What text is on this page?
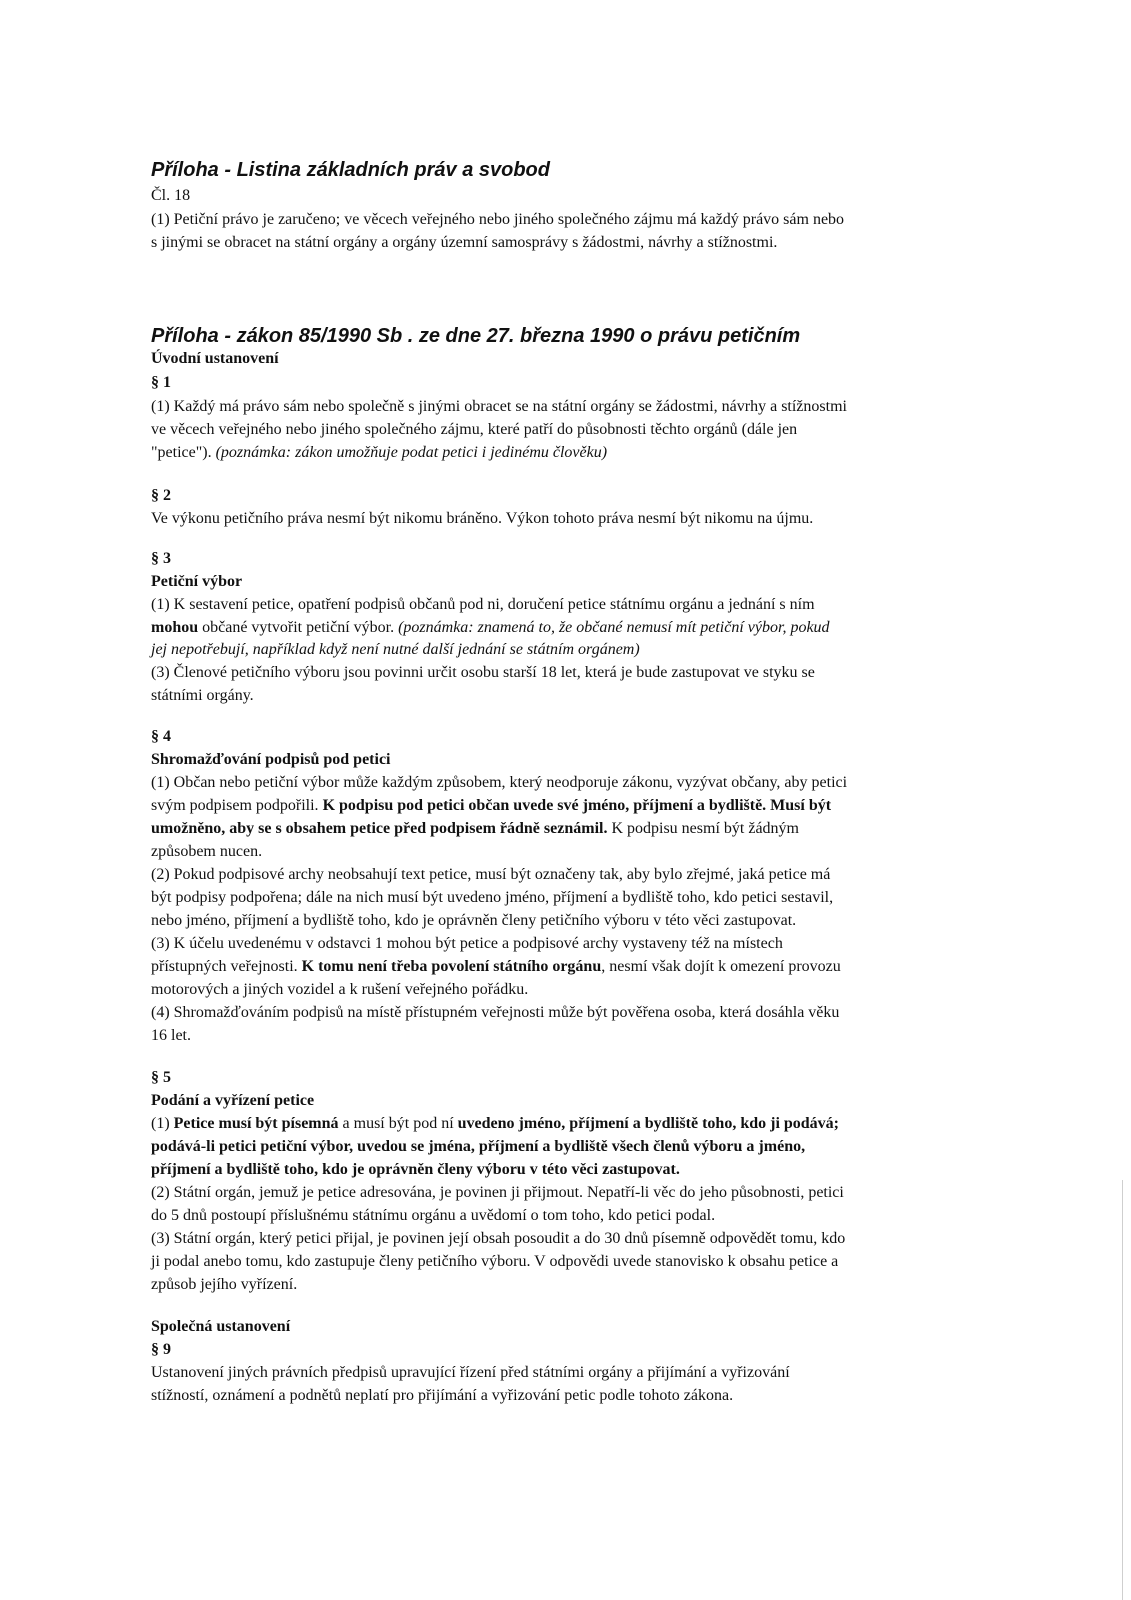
Příloha - Listina základních práv a svobod
Čl. 18
(1) Petiční právo je zaručeno; ve věcech veřejného nebo jiného společného zájmu má každý právo sám nebo
s jinými se obracet na státní orgány a orgány územní samosprávy s žádostmi, návrhy a stížnostmi.
Příloha - zákon 85/1990 Sb . ze dne 27. března 1990 o právu petičním
Úvodní ustanovení
§ 1
(1) Každý má právo sám nebo společně s jinými obracet se na státní orgány se žádostmi, návrhy a stížnostmi
ve věcech veřejného nebo jiného společného zájmu, které patří do působnosti těchto orgánů (dále jen
"petice"). (poznámka: zákon umožňuje podat petici i jedinému člověku)
§ 2
Ve výkonu petičního práva nesmí být nikomu bráněno. Výkon tohoto práva nesmí být nikomu na újmu.
§ 3
Petiční výbor
(1) K sestavení petice, opatření podpisů občanů pod ni, doručení petice státnímu orgánu a jednání s ním
mohou občané vytvořit petiční výbor. (poznámka: znamená to, že občané nemusí mít petiční výbor, pokud
jej nepotřebují, například když není nutné další jednání se státním orgánem)
(3) Členové petičního výboru jsou povinni určit osobu starší 18 let, která je bude zastupovat ve styku se
státními orgány.
§ 4
Shromažďování podpisů pod petici
(1) Občan nebo petiční výbor může každým způsobem, který neodporuje zákonu, vyzývat občany, aby petici
svým podpisem podpořili. K podpisu pod petici občan uvede své jméno, příjmení a bydliště. Musí být
umožněno, aby se s obsahem petice před podpisem řádně seznámil. K podpisu nesmí být žádným
způsobem nucen.
(2) Pokud podpisové archy neobsahují text petice, musí být označeny tak, aby bylo zřejmé, jaká petice má
být podpisy podpořena; dále na nich musí být uvedeno jméno, příjmení a bydliště toho, kdo petici sestavil,
nebo jméno, příjmení a bydliště toho, kdo je oprávněn členy petičního výboru v této věci zastupovat.
(3) K účelu uvedenému v odstavci 1 mohou být petice a podpisové archy vystaveny též na místech
přístupných veřejnosti. K tomu není třeba povolení státního orgánu, nesmí však dojít k omezení provozu
motorových a jiných vozidel a k rušení veřejného pořádku.
(4) Shromažďováním podpisů na místě přístupném veřejnosti může být pověřena osoba, která dosáhla věku
16 let.
§ 5
Podání a vyřízení petice
(1) Petice musí být písemná a musí být pod ní uvedeno jméno, příjmení a bydliště toho, kdo ji podává;
podává-li petici petiční výbor, uvedou se jména, příjmení a bydliště všech členů výboru a jméno,
příjmení a bydliště toho, kdo je oprávněn členy výboru v této věci zastupovat.
(2) Státní orgán, jemuž je petice adresována, je povinen ji přijmout. Nepatří-li věc do jeho působnosti, petici
do 5 dnů postoupí příslušnému státnímu orgánu a uvědomí o tom toho, kdo petici podal.
(3) Státní orgán, který petici přijal, je povinen její obsah posoudit a do 30 dnů písemně odpovědět tomu, kdo
ji podal anebo tomu, kdo zastupuje členy petičního výboru. V odpovědi uvede stanovisko k obsahu petice a
způsob jejího vyřízení.
Společná ustanovení
§ 9
Ustanovení jiných právních předpisů upravující řízení před státními orgány a přijímání a vyřizování
stížností, oznámení a podnětů neplatí pro přijímání a vyřizování petic podle tohoto zákona.
